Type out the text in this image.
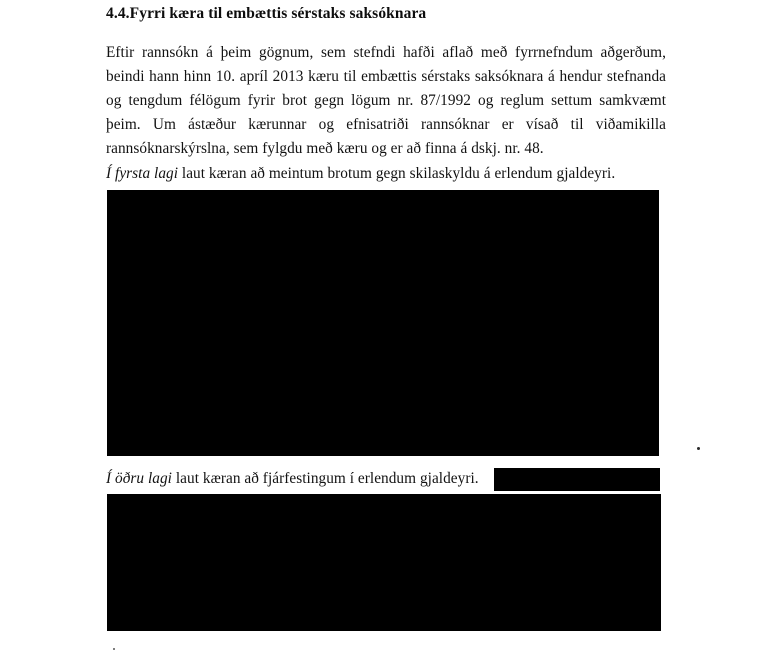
4.4.Fyrri kæra til embættis sérstaks saksóknara

Eftir rannsókn á þeim gögnum, sem stefndi hafði aflað með fyrrnefndum aðgerðum, beindi hann hinn 10. apríl 2013 kæru til embættis sérstaks saksóknara á hendur stefnanda og tengdum félögum fyrir brot gegn lögum nr. 87/1992 og reglum settum samkvæmt þeim. Um ástæður kærunnar og efnisatriði rannsóknar er vísað til viðamikilla rannsóknarskýrslna, sem fylgdu með kæru og er að finna á dskj. nr. 48.

Í fyrsta lagi laut kæran að meintum brotum gegn skilaskyldu á erlendum gjaldeyri.

Í öðru lagi laut kæran að fjárfestingum í erlendum gjaldeyri.
